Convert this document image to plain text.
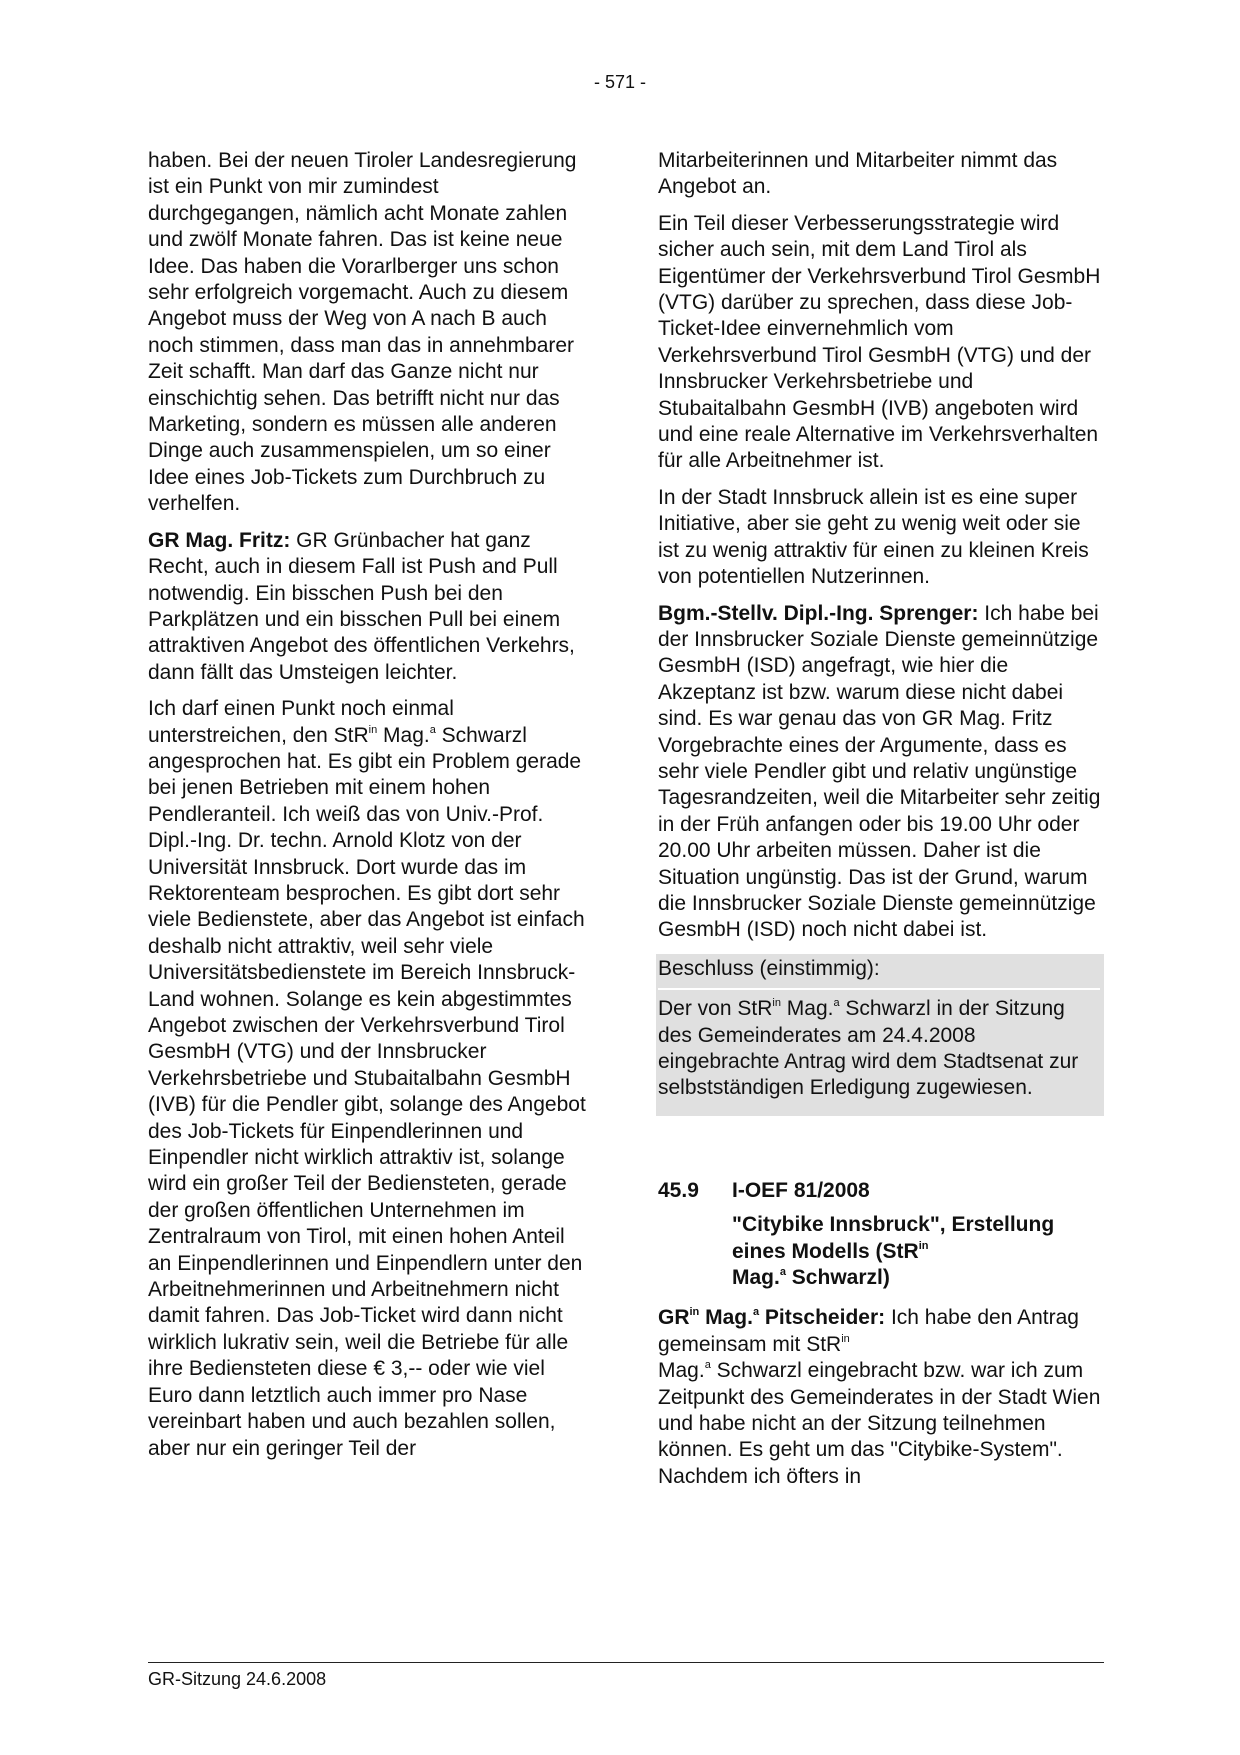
- 571 -

haben. Bei der neuen Tiroler Landesregierung ist ein Punkt von mir zumindest durchgegangen, nämlich acht Monate zahlen und zwölf Monate fahren. Das ist keine neue Idee. Das haben die Vorarlberger uns schon sehr erfolgreich vorgemacht. Auch zu diesem Angebot muss der Weg von A nach B auch noch stimmen, dass man das in annehmbarer Zeit schafft. Man darf das Ganze nicht nur einschichtig sehen. Das betrifft nicht nur das Marketing, sondern es müssen alle anderen Dinge auch zusammenspielen, um so einer Idee eines Job-Tickets zum Durchbruch zu verhelfen.

GR Mag. Fritz: GR Grünbacher hat ganz Recht, auch in diesem Fall ist Push and Pull notwendig. Ein bisschen Push bei den Parkplätzen und ein bisschen Pull bei einem attraktiven Angebot des öffentlichen Verkehrs, dann fällt das Umsteigen leichter.

Ich darf einen Punkt noch einmal unterstreichen, den StR$^{in}$ Mag.$^a$ Schwarzl angesprochen hat. Es gibt ein Problem gerade bei jenen Betrieben mit einem hohen Pendleranteil. Ich weiß das von Univ.-Prof. Dipl.-Ing. Dr. techn. Arnold Klotz von der Universität Innsbruck. Dort wurde das im Rektorenteam besprochen. Es gibt dort sehr viele Bedienstete, aber das Angebot ist einfach deshalb nicht attraktiv, weil sehr viele Universitätsbedienstete im Bereich Innsbruck-Land wohnen. Solange es kein abgestimmtes Angebot zwischen der Verkehrsverbund Tirol GesmbH (VTG) und der Innsbrucker Verkehrsbetriebe und Stubaitalbahn GesmbH (IVB) für die Pendler gibt, solange des Angebot des Job-Tickets für Einpendlerinnen und Einpendler nicht wirklich attraktiv ist, solange wird ein großer Teil der Bediensteten, gerade der großen öffentlichen Unternehmen im Zentralraum von Tirol, mit einen hohen Anteil an Einpendlerinnen und Einpendlern unter den Arbeitnehmerinnen und Arbeitnehmern nicht damit fahren. Das Job-Ticket wird dann nicht wirklich lukrativ sein, weil die Betriebe für alle ihre Bediensteten diese € 3,-- oder wie viel Euro dann letztlich auch immer pro Nase vereinbart haben und auch bezahlen sollen, aber nur ein geringer Teil der

Mitarbeiterinnen und Mitarbeiter nimmt das Angebot an.

Ein Teil dieser Verbesserungsstrategie wird sicher auch sein, mit dem Land Tirol als Eigentümer der Verkehrsverbund Tirol GesmbH (VTG) darüber zu sprechen, dass diese Job-Ticket-Idee einvernehmlich vom Verkehrsverbund Tirol GesmbH (VTG) und der Innsbrucker Verkehrsbetriebe und Stubaitalbahn GesmbH (IVB) angeboten wird und eine reale Alternative im Verkehrsverhalten für alle Arbeitnehmer ist.

In der Stadt Innsbruck allein ist es eine super Initiative, aber sie geht zu wenig weit oder sie ist zu wenig attraktiv für einen zu kleinen Kreis von potentiellen Nutzerinnen.

Bgm.-Stellv. Dipl.-Ing. Sprenger: Ich habe bei der Innsbrucker Soziale Dienste gemeinnützige GesmbH (ISD) angefragt, wie hier die Akzeptanz ist bzw. warum diese nicht dabei sind. Es war genau das von GR Mag. Fritz Vorgebrachte eines der Argumente, dass es sehr viele Pendler gibt und relativ ungünstige Tagesrandzeiten, weil die Mitarbeiter sehr zeitig in der Früh anfangen oder bis 19.00 Uhr oder 20.00 Uhr arbeiten müssen. Daher ist die Situation ungünstig. Das ist der Grund, warum die Innsbrucker Soziale Dienste gemeinnützige GesmbH (ISD) noch nicht dabei ist.

Beschluss (einstimmig):

Der von StR$^{in}$ Mag.$^a$ Schwarzl in der Sitzung des Gemeinderates am 24.4.2008 eingebrachte Antrag wird dem Stadtsenat zur selbstständigen Erledigung zugewiesen.

45.9	I-OEF 81/2008
"Citybike Innsbruck", Erstellung eines Modells (StR$^{in}$
Mag.$^a$ Schwarzl)

$GR^{in}$ Mag.$^a$ Pitscheider: Ich habe den Antrag gemeinsam mit StR$^{in}$
Mag.$^a$ Schwarzl eingebracht bzw. war ich zum Zeitpunkt des Gemeinderates in der Stadt Wien und habe nicht an der Sitzung teilnehmen können. Es geht um das "Citybike-System". Nachdem ich öfters in

GR-Sitzung 24.6.2008
